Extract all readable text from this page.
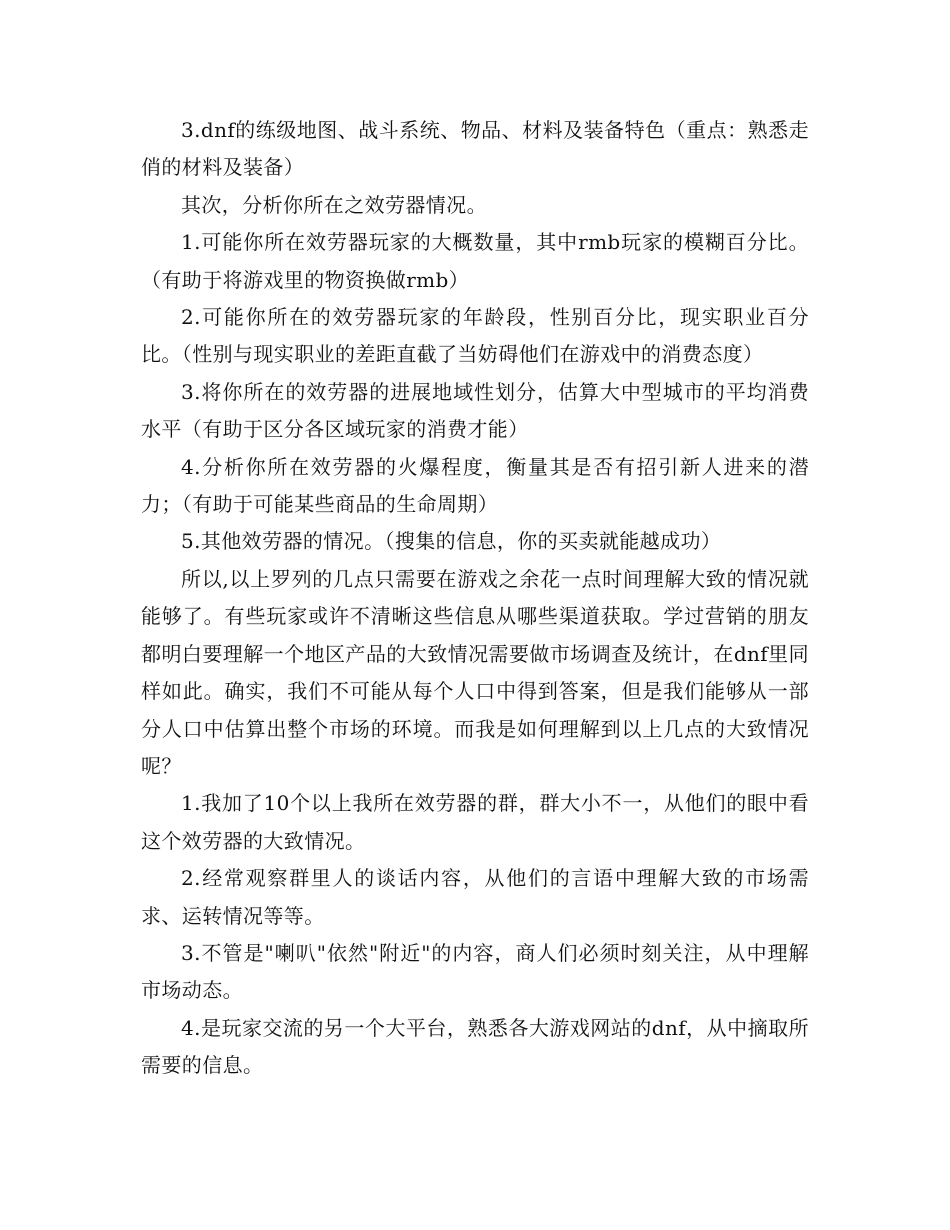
3.dnf的练级地图、战斗系统、物品、材料及装备特色（重点：熟悉走俏的材料及装备）

其次，分析你所在之效劳器情况。

1.可能你所在效劳器玩家的大概数量，其中rmb玩家的模糊百分比。（有助于将游戏里的物资换做rmb）

2.可能你所在的效劳器玩家的年龄段，性别百分比，现实职业百分比。（性别与现实职业的差距直截了当妨碍他们在游戏中的消费态度）

3.将你所在的效劳器的进展地域性划分，估算大中型城市的平均消费水平（有助于区分各区域玩家的消费才能）

4.分析你所在效劳器的火爆程度，衡量其是否有招引新人进来的潜力；（有助于可能某些商品的生命周期）

5.其他效劳器的情况。（搜集的信息，你的买卖就能越成功）

所以,以上罗列的几点只需要在游戏之余花一点时间理解大致的情况就能够了。有些玩家或许不清晰这些信息从哪些渠道获取。学过营销的朋友都明白要理解一个地区产品的大致情况需要做市场调查及统计，在dnf里同样如此。确实，我们不可能从每个人口中得到答案，但是我们能够从一部分人口中估算出整个市场的环境。而我是如何理解到以上几点的大致情况呢？

1.我加了10个以上我所在效劳器的群，群大小不一，从他们的眼中看这个效劳器的大致情况。

2.经常观察群里人的谈话内容，从他们的言语中理解大致的市场需求、运转情况等等。

3.不管是"喇叭"依然"附近"的内容，商人们必须时刻关注，从中理解市场动态。

4.是玩家交流的另一个大平台，熟悉各大游戏网站的dnf，从中摘取所需要的信息。
